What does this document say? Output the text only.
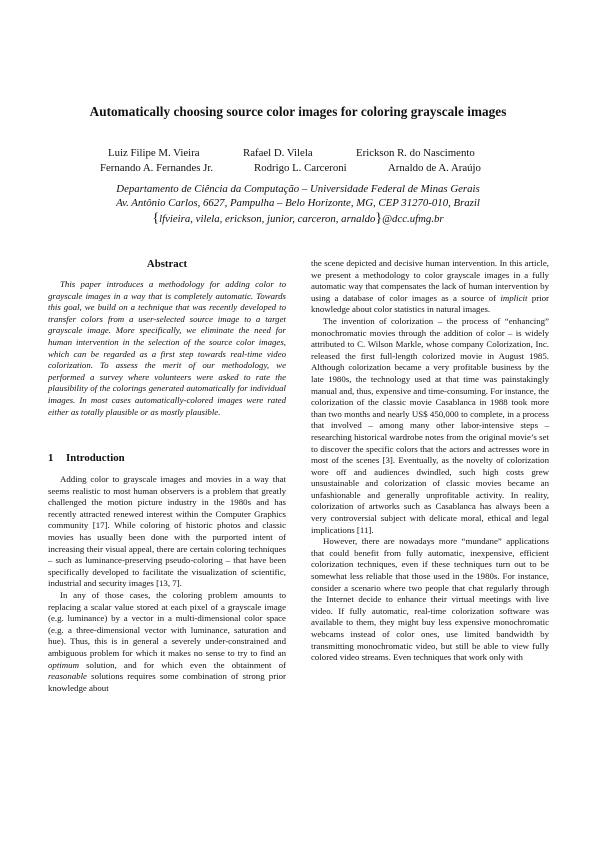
Automatically choosing source color images for coloring grayscale images
Luiz Filipe M. Vieira	Rafael D. Vilela	Erickson R. do Nascimento
Fernando A. Fernandes Jr.	Rodrigo L. Carceroni	Arnaldo de A. Araújo
Departamento de Ciência da Computação – Universidade Federal de Minas Gerais
Av. Antônio Carlos, 6627, Pampulha – Belo Horizonte, MG, CEP 31270-010, Brazil
{lfvieira, vilela, erickson, junior, carceron, arnaldo}@dcc.ufmg.br
Abstract

This paper introduces a methodology for adding color to grayscale images in a way that is completely automatic. Towards this goal, we build on a technique that was recently developed to transfer colors from a user-selected source image to a target grayscale image. More specifically, we eliminate the need for human intervention in the selection of the source color images, which can be regarded as a first step towards real-time video colorization. To assess the merit of our methodology, we performed a survey where volunteers were asked to rate the plausibility of the colorings generated automatically for individual images. In most cases automatically-colored images were rated either as totally plausible or as mostly plausible.

1 Introduction

Adding color to grayscale images and movies in a way that seems realistic to most human observers is a problem that greatly challenged the motion picture industry in the 1980s and has recently attracted renewed interest within the Computer Graphics community [17]. While coloring of historic photos and classic movies has usually been done with the purported intent of increasing their visual appeal, there are certain coloring techniques – such as luminance-preserving pseudo-coloring – that have been specifically developed to facilitate the visualization of scientific, industrial and security images [13, 7].

In any of those cases, the coloring problem amounts to replacing a scalar value stored at each pixel of a grayscale image (e.g. luminance) by a vector in a multi-dimensional color space (e.g. a three-dimensional vector with luminance, saturation and hue). Thus, this is in general a severely under-constrained and ambiguous problem for which it makes no sense to try to find an optimum solution, and for which even the obtainment of reasonable solutions requires some combination of strong prior knowledge about

the scene depicted and decisive human intervention. In this article, we present a methodology to color grayscale images in a fully automatic way that compensates the lack of human intervention by using a database of color images as a source of implicit prior knowledge about color statistics in natural images.

The invention of colorization – the process of “enhancing” monochromatic movies through the addition of color – is widely attributed to C. Wilson Markle, whose company Colorization, Inc. released the first full-length colorized movie in August 1985. Although colorization became a very profitable business by the late 1980s, the technology used at that time was painstakingly manual and, thus, expensive and time-consuming. For instance, the colorization of the classic movie Casablanca in 1988 took more than two months and nearly US$ 450,000 to complete, in a process that involved – among many other labor-intensive steps – researching historical wardrobe notes from the original movie’s set to discover the specific colors that the actors and actresses wore in most of the scenes [3]. Eventually, as the novelty of colorization wore off and audiences dwindled, such high costs grew unsustainable and colorization of classic movies became an unfashionable and generally unprofitable activity. In reality, colorization of artworks such as Casablanca has always been a very controversial subject with delicate moral, ethical and legal implications [11].

However, there are nowadays more “mundane” applications that could benefit from fully automatic, inexpensive, efficient colorization techniques, even if these techniques turn out to be somewhat less reliable that those used in the 1980s. For instance, consider a scenario where two people that chat regularly through the Internet decide to enhance their virtual meetings with live video. If fully automatic, real-time colorization software was available to them, they might buy less expensive monochromatic webcams instead of color ones, use limited bandwidth by transmitting monochromatic video, but still be able to view fully colored video streams. Even techniques that work only with
